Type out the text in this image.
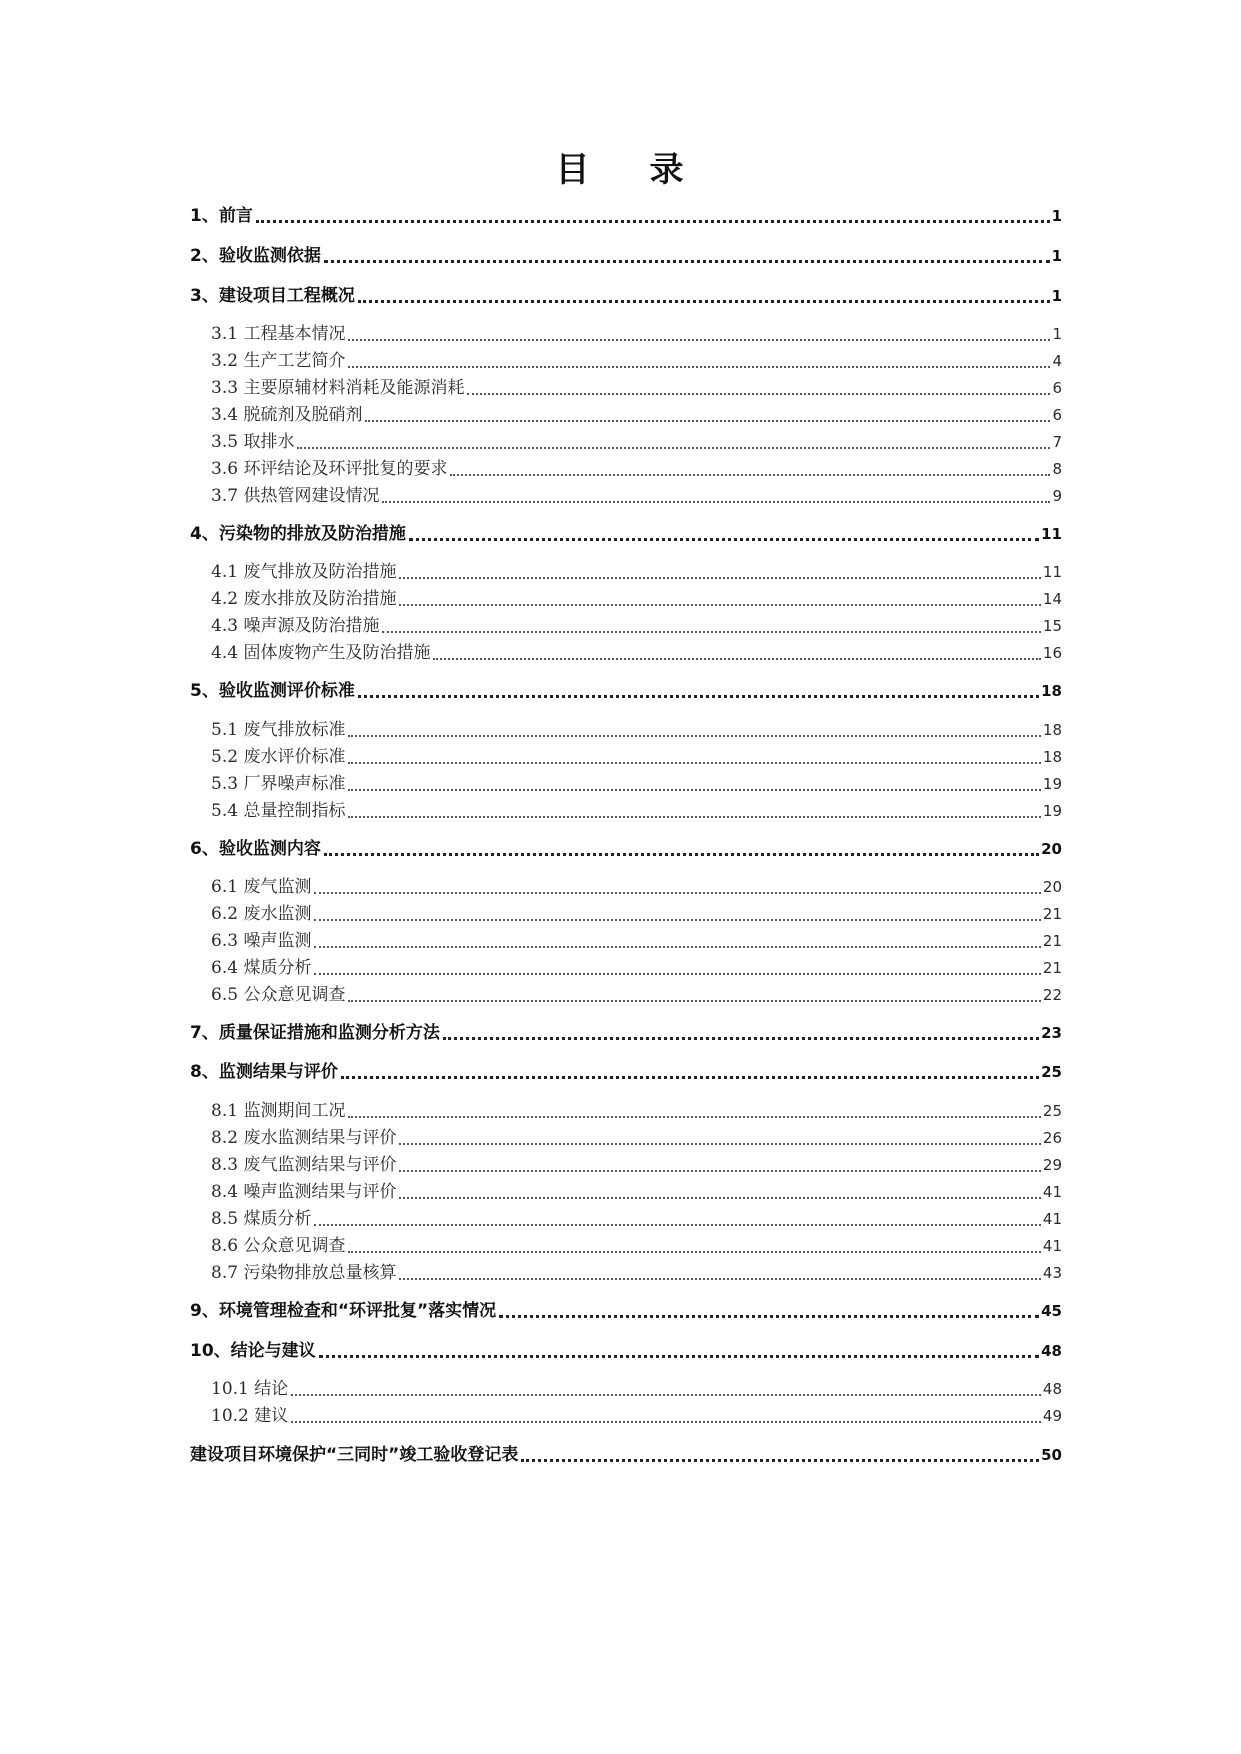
目 录
1、前言	1
2、验收监测依据	1
3、建设项目工程概况	1
3.1 工程基本情况	1
3.2 生产工艺简介	4
3.3 主要原辅材料消耗及能源消耗	6
3.4 脱硫剂及脱硝剂	6
3.5 取排水	7
3.6 环评结论及环评批复的要求	8
3.7 供热管网建设情况	9
4、污染物的排放及防治措施	11
4.1 废气排放及防治措施	11
4.2 废水排放及防治措施	14
4.3 噪声源及防治措施	15
4.4 固体废物产生及防治措施	16
5、验收监测评价标准	18
5.1 废气排放标准	18
5.2 废水评价标准	18
5.3 厂界噪声标准	19
5.4 总量控制指标	19
6、验收监测内容	20
6.1 废气监测	20
6.2 废水监测	21
6.3 噪声监测	21
6.4 煤质分析	21
6.5 公众意见调查	22
7、质量保证措施和监测分析方法	23
8、监测结果与评价	25
8.1 监测期间工况	25
8.2 废水监测结果与评价	26
8.3 废气监测结果与评价	29
8.4 噪声监测结果与评价	41
8.5 煤质分析	41
8.6 公众意见调查	41
8.7 污染物排放总量核算	43
9、环境管理检查和“环评批复”落实情况	45
10、结论与建议	48
10.1 结论	48
10.2 建议	49
建设项目环境保护“三同时”竣工验收登记表	50
